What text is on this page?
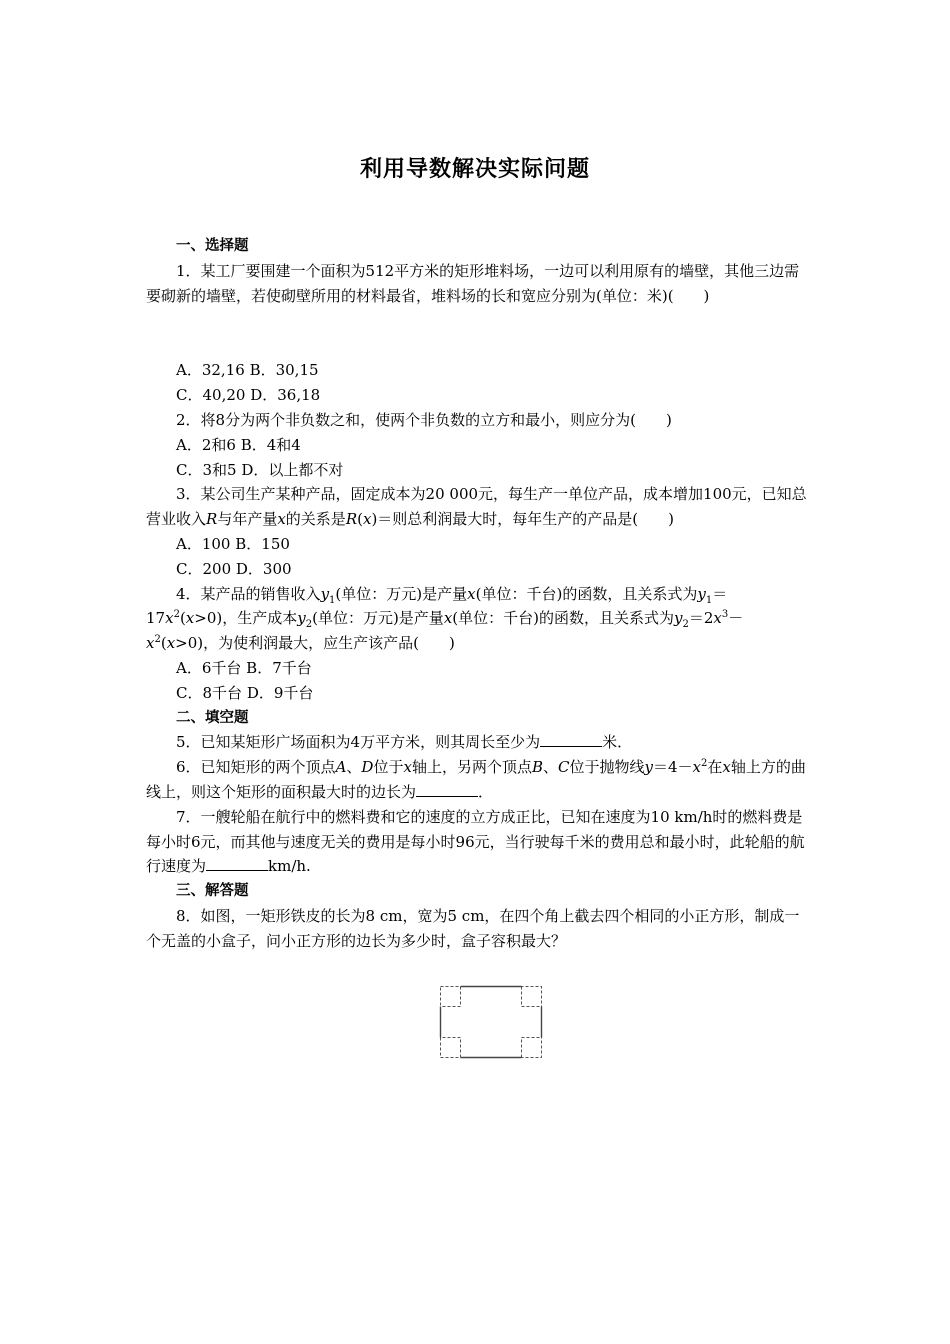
利用导数解决实际问题

一、选择题

1．某工厂要围建一个面积为512平方米的矩形堆料场，一边可以利用原有的墙壁，其他三边需要砌新的墙壁，若使砌壁所用的材料最省，堆料场的长和宽应分别为(单位：米)(　　)

A．32,16 B．30,15

C．40,20 D．36,18

2．将8分为两个非负数之和，使两个非负数的立方和最小，则应分为(　　)

A．2和6 B．4和4

C．3和5 D．以上都不对

3．某公司生产某种产品，固定成本为20 000元，每生产一单位产品，成本增加100元，已知总营业收入R与年产量x的关系是R(x)＝则总利润最大时，每年生产的产品是(　　)

A．100 B．150

C．200 D．300

4．某产品的销售收入$y_1$(单位：万元)是产量x(单位：千台)的函数，且关系式为$y_1=17x^2(x>0)$，生产成本$y_2$(单位：万元)是产量x(单位：千台)的函数，且关系式为$y_2=2x^3-x^2(x>0)$，为使利润最大，应生产该产品(　　)

A．6千台 B．7千台

C．8千台 D．9千台

二、填空题

5．已知某矩形广场面积为4万平方米，则其周长至少为	米．

6．已知矩形的两个顶点A、D位于x轴上，另两个顶点B、C位于抛物线$y=4-x^2$在x轴上方的曲线上，则这个矩形的面积最大时的边长为	．

7．一艘轮船在航行中的燃料费和它的速度的立方成正比，已知在速度为10 km/h时的燃料费是每小时6元，而其他与速度无关的费用是每小时96元，当行驶每千米的费用总和最小时，此轮船的航行速度为	km/h.

三、解答题

8．如图，一矩形铁皮的长为8 cm，宽为5 cm，在四个角上截去四个相同的小正方形，制成一个无盖的小盒子，问小正方形的边长为多少时，盒子容积最大？
